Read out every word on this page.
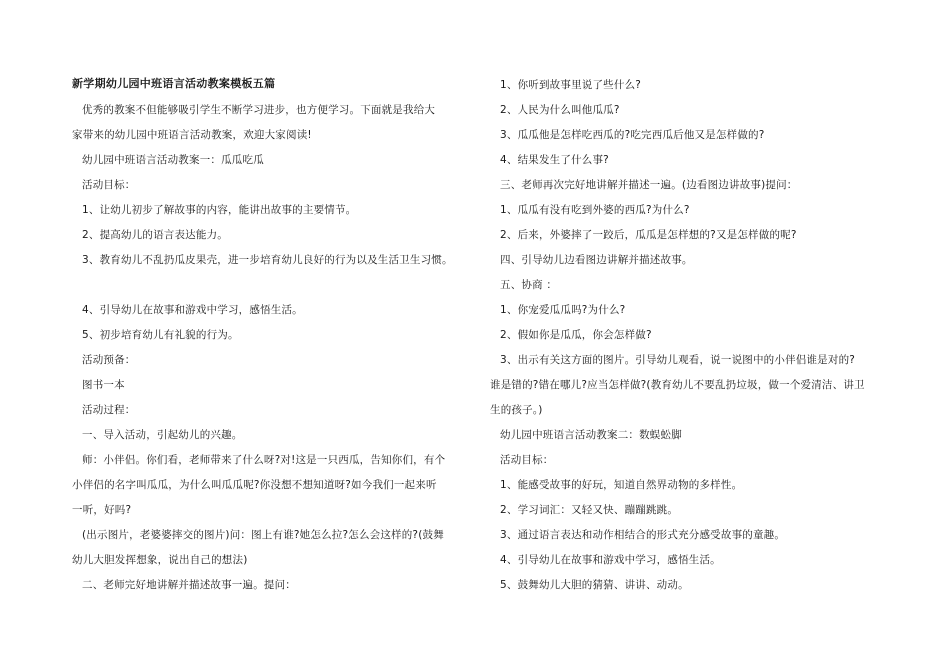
新学期幼儿园中班语言活动教案模板五篇
优秀的教案不但能够吸引学生不断学习进步，也方便学习。下面就是我给大
家带来的幼儿园中班语言活动教案，欢迎大家阅读!
幼儿园中班语言活动教案一：瓜瓜吃瓜
活动目标：
1、让幼儿初步了解故事的内容，能讲出故事的主要情节。
2、提高幼儿的语言表达能力。
3、教育幼儿不乱扔瓜皮果壳，进一步培育幼儿良好的行为以及生活卫生习惯。
4、引导幼儿在故事和游戏中学习，感悟生活。
5、初步培育幼儿有礼貌的行为。
活动预备：
图书一本
活动过程：
一、导入活动，引起幼儿的兴趣。
师：小伴侣。你们看，老师带来了什么呀?对!这是一只西瓜，告知你们，有个
小伴侣的名字叫瓜瓜，为什么叫瓜瓜呢?你没想不想知道呀?如今我们一起来听
一听，好吗?
(出示图片，老婆婆摔交的图片)问：图上有谁?她怎么拉?怎么会这样的?(鼓舞
幼儿大胆发挥想象，说出自己的想法)
二、老师完好地讲解并描述故事一遍。提问：
1、你听到故事里说了些什么?
2、人民为什么叫他瓜瓜?
3、瓜瓜他是怎样吃西瓜的?吃完西瓜后他又是怎样做的?
4、结果发生了什么事?
三、老师再次完好地讲解并描述一遍。(边看图边讲故事)提问：
1、瓜瓜有没有吃到外婆的西瓜?为什么?
2、后来，外婆摔了一跤后，瓜瓜是怎样想的?又是怎样做的呢?
四、引导幼儿边看图边讲解并描述故事。
五、协商 ：
1、你宠爱瓜瓜吗?为什么?
2、假如你是瓜瓜，你会怎样做?
3、出示有关这方面的图片。引导幼儿观看，说一说图中的小伴侣谁是对的?
谁是错的?错在哪儿?应当怎样做?(教育幼儿不要乱扔垃圾，做一个爱清洁、讲卫
生的孩子。)
幼儿园中班语言活动教案二：数蜈蚣脚
活动目标：
1、能感受故事的好玩，知道自然界动物的多样性。
2、学习词汇：又轻又快、蹦蹦跳跳。
3、通过语言表达和动作相结合的形式充分感受故事的童趣。
4、引导幼儿在故事和游戏中学习，感悟生活。
5、鼓舞幼儿大胆的猜猜、讲讲、动动。
